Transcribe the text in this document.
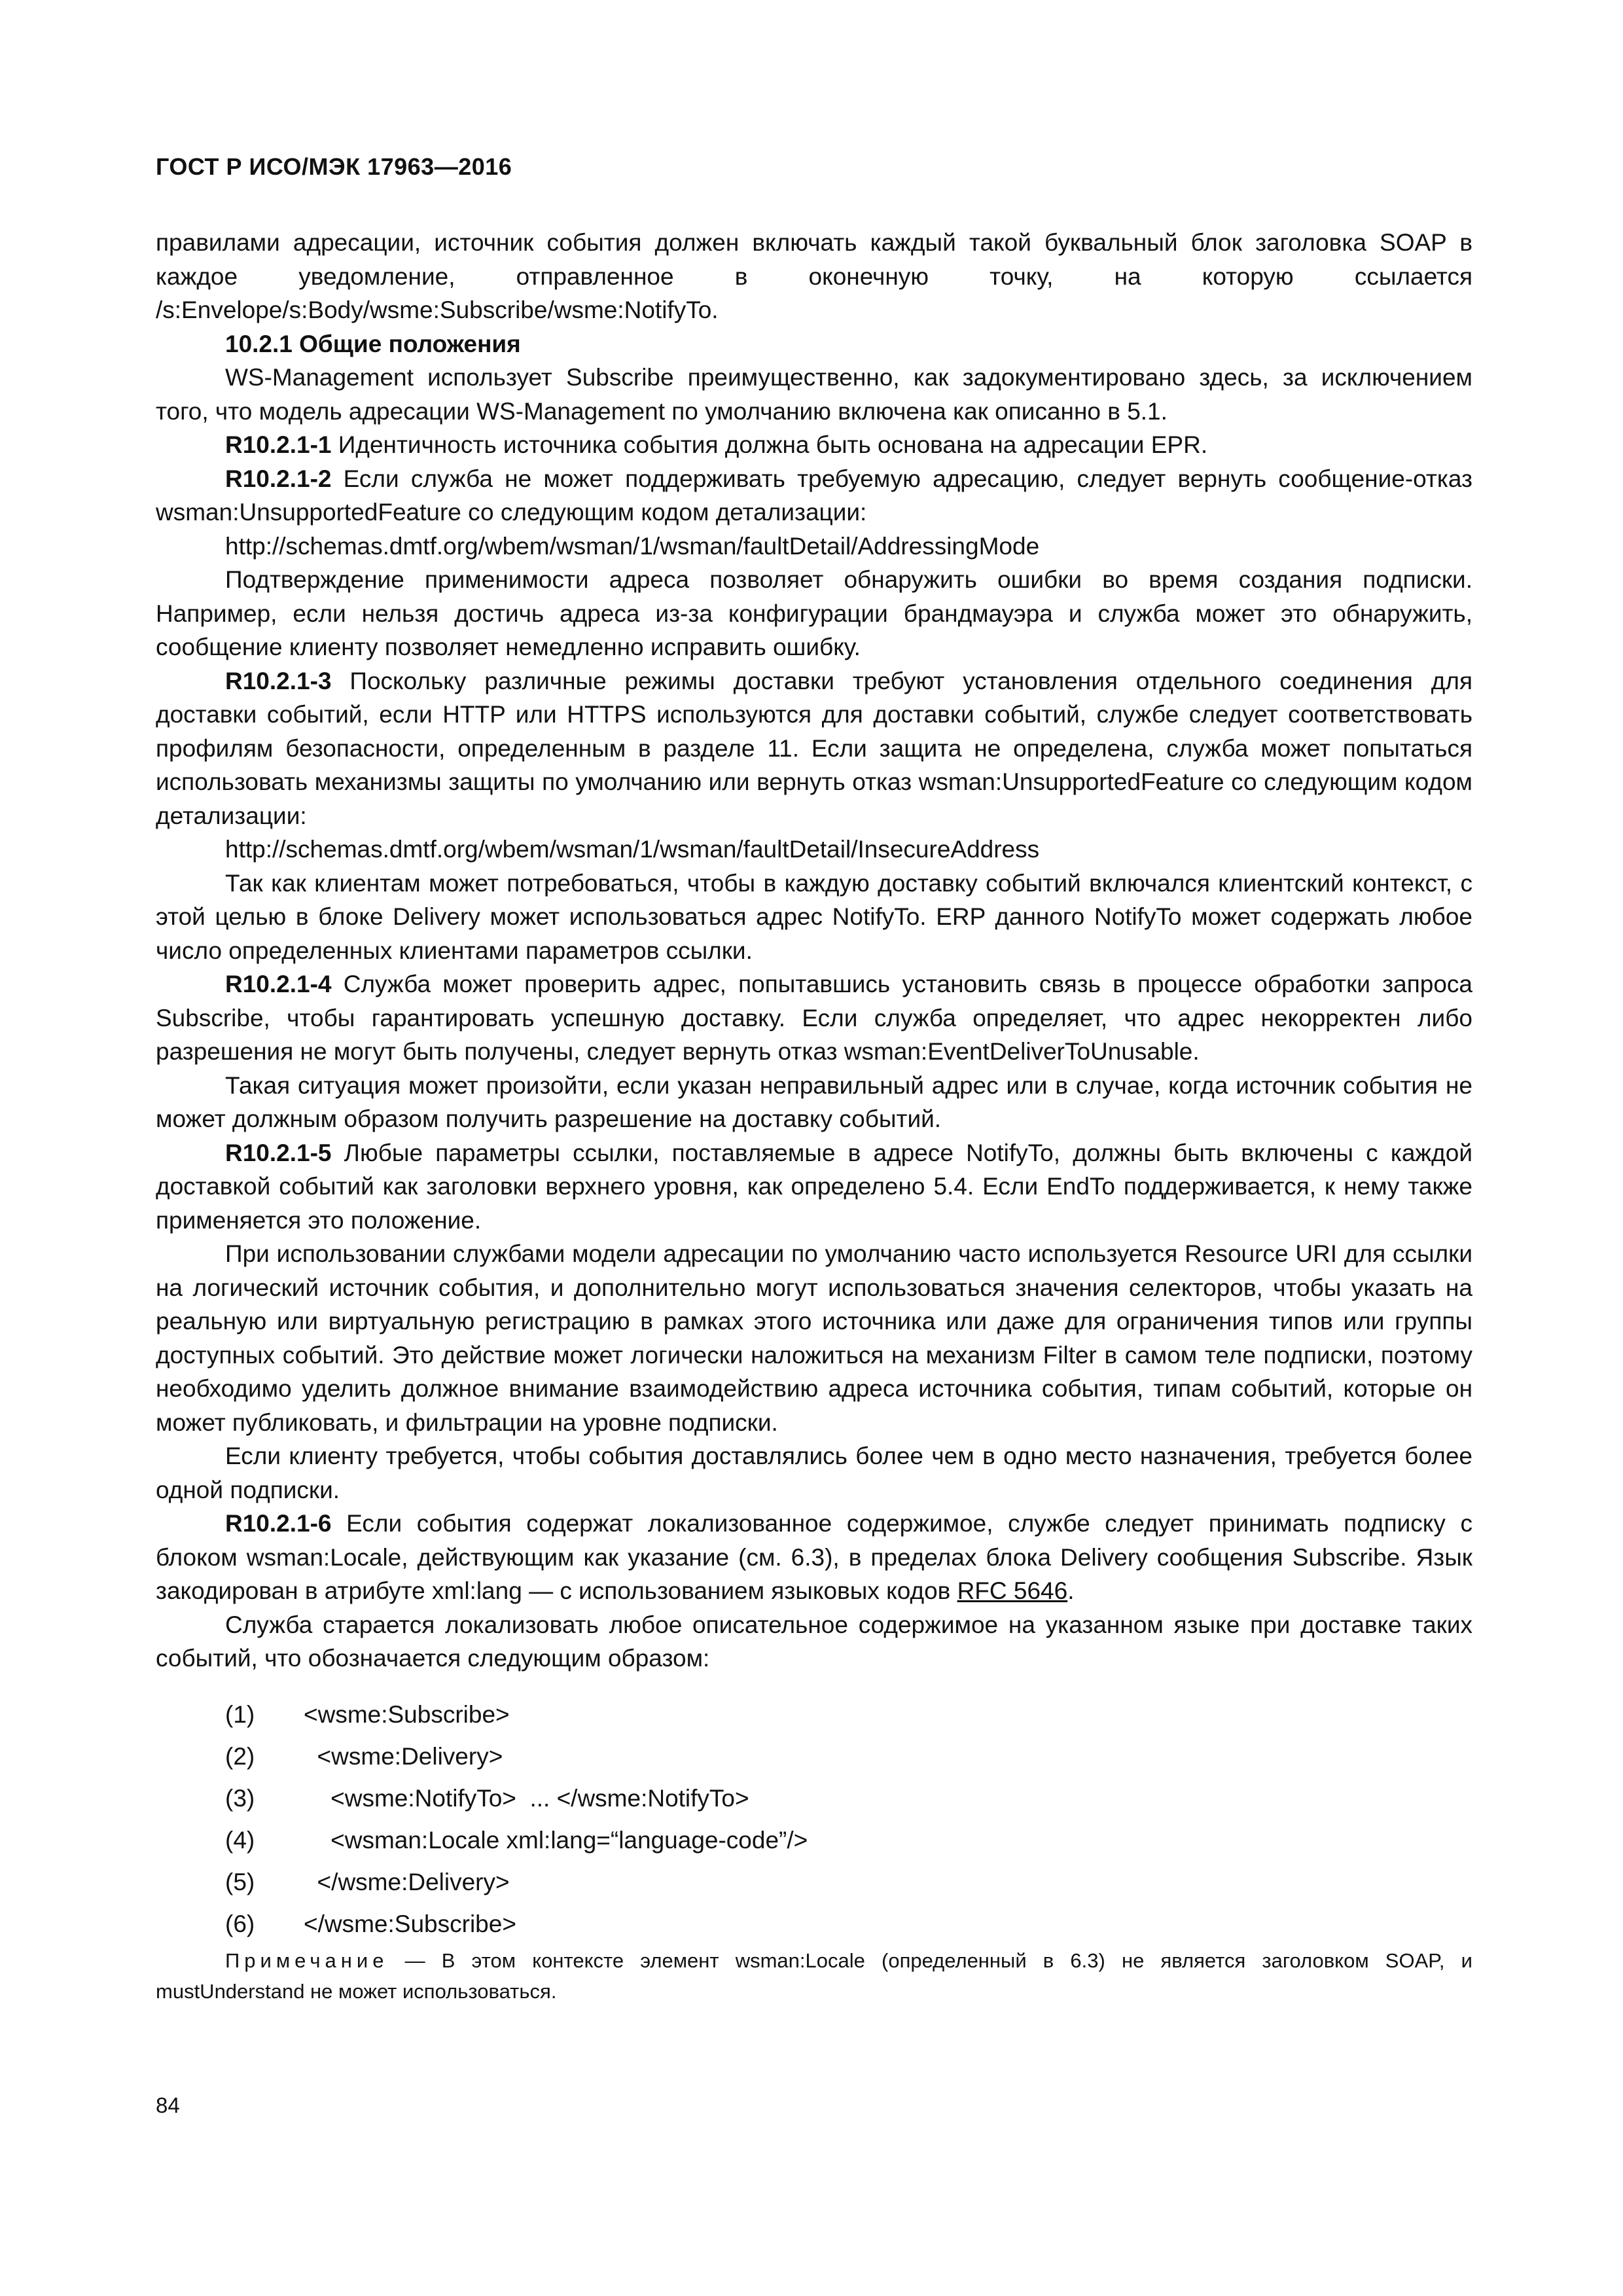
ГОСТ Р ИСО/МЭК 17963—2016

правилами адресации, источник события должен включать каждый такой буквальный блок заголовка SOAP в каждое уведомление, отправленное в оконечную точку, на которую ссылается /s:Envelope/s:Body/wsme:Subscribe/wsme:NotifyTo.

10.2.1 Общие положения

WS-Management использует Subscribe преимущественно, как задокументировано здесь, за исключением того, что модель адресации WS-Management по умолчанию включена как описанно в 5.1.

R10.2.1-1 Идентичность источника события должна быть основана на адресации EPR.

R10.2.1-2 Если служба не может поддерживать требуемую адресацию, следует вернуть сообщение-отказ wsman:UnsupportedFeature со следующим кодом детализации:

http://schemas.dmtf.org/wbem/wsman/1/wsman/faultDetail/AddressingMode

Подтверждение применимости адреса позволяет обнаружить ошибки во время создания подписки. Например, если нельзя достичь адреса из-за конфигурации брандмауэра и служба может это обнаружить, сообщение клиенту позволяет немедленно исправить ошибку.

R10.2.1-3 Поскольку различные режимы доставки требуют установления отдельного соединения для доставки событий, если HTTP или HTTPS используются для доставки событий, службе следует соответствовать профилям безопасности, определенным в разделе 11. Если защита не определена, служба может попытаться использовать механизмы защиты по умолчанию или вернуть отказ wsman:UnsupportedFeature со следующим кодом детализации:

http://schemas.dmtf.org/wbem/wsman/1/wsman/faultDetail/InsecureAddress

Так как клиентам может потребоваться, чтобы в каждую доставку событий включался клиентский контекст, с этой целью в блоке Delivery может использоваться адрес NotifyTo. ERP данного NotifyTo может содержать любое число определенных клиентами параметров ссылки.

R10.2.1-4 Служба может проверить адрес, попытавшись установить связь в процессе обработки запроса Subscribe, чтобы гарантировать успешную доставку. Если служба определяет, что адрес некорректен либо разрешения не могут быть получены, следует вернуть отказ wsman:EventDeliverToUnusable.

Такая ситуация может произойти, если указан неправильный адрес или в случае, когда источник события не может должным образом получить разрешение на доставку событий.

R10.2.1-5 Любые параметры ссылки, поставляемые в адресе NotifyTo, должны быть включены с каждой доставкой событий как заголовки верхнего уровня, как определено 5.4. Если EndTo поддерживается, к нему также применяется это положение.

При использовании службами модели адресации по умолчанию часто используется Resource URI для ссылки на логический источник события, и дополнительно могут использоваться значения селекторов, чтобы указать на реальную или виртуальную регистрацию в рамках этого источника или даже для ограничения типов или группы доступных событий. Это действие может логически наложиться на механизм Filter в самом теле подписки, поэтому необходимо уделить должное внимание взаимодействию адреса источника события, типам событий, которые он может публиковать, и фильтрации на уровне подписки.

Если клиенту требуется, чтобы события доставлялись более чем в одно место назначения, требуется более одной подписки.

R10.2.1-6 Если события содержат локализованное содержимое, службе следует принимать подписку с блоком wsman:Locale, действующим как указание (см. 6.3), в пределах блока Delivery сообщения Subscribe. Язык закодирован в атрибуте xml:lang — с использованием языковых кодов RFC 5646.

Служба старается локализовать любое описательное содержимое на указанном языке при доставке таких событий, что обозначается следующим образом:

(1)	<wsme:Subscribe>
(2)	<wsme:Delivery>
(3)	<wsme:NotifyTo>  ... </wsme:NotifyTo>
(4)	<wsman:Locale xml:lang=“language-code”/>
(5)	</wsme:Delivery>
(6)	</wsme:Subscribe>

Примечание — В этом контексте элемент wsman:Locale (определенный в 6.3) не является заголовком SOAP, и mustUnderstand не может использоваться.

84
